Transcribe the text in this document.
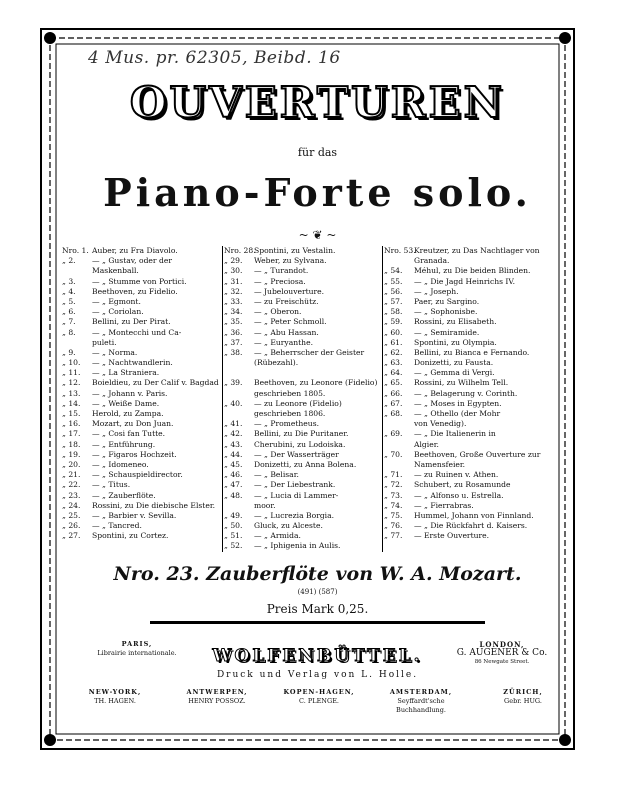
4 Mus. pr. 62305, Beibd. 16
OUVERTUREN
für das
Piano-Forte solo.
~ ❦ ~
Nro. 1. Auber, zu Fra Diavolo.
„ 2. — „ Gustav, oder der
Maskenball.
„ 3. — „ Stumme von Portici.
„ 4. Beethoven, zu Fidelio.
„ 5. — „ Egmont.
„ 6. — „ Coriolan.
„ 7. Bellini, zu Der Pirat.
„ 8. — „ Montecchi und Ca-
puleti.
„ 9. — „ Norma.
„ 10. — „ Nachtwandlerin.
„ 11. — „ La Straniera.
„ 12. Boieldieu, zu Der Calif v. Bagdad
„ 13. — „ Johann v. Paris.
„ 14. — „ Weiße Dame.
„ 15. Herold, zu Zampa.
„ 16. Mozart, zu Don Juan.
„ 17. — „ Cosi fan Tutte.
„ 18. — „ Entführung.
„ 19. — „ Figaros Hochzeit.
„ 20. — „ Idomeneo.
„ 21. — „ Schauspieldirector.
„ 22. — „ Titus.
„ 23. — „ Zauberflöte.
„ 24. Rossini, zu Die diebische Elster.
„ 25. — „ Barbier v. Sevilla.
„ 26. — „ Tancred.
„ 27. Spontini, zu Cortez.
Nro. 28.Spontini, zu Vestalin.
„ 29. Weber, zu Sylvana.
„ 30. — „ Turandot.
„ 31. — „ Preciosa.
„ 32. — Jubelouverture.
„ 33. — zu Freischütz.
„ 34. — „ Oberon.
„ 35. — „ Peter Schmoll.
„ 36. — „ Abu Hassan.
„ 37. — „ Euryanthe.
„ 38. — „ Beherrscher der Geister
(Rübezahl).
„ 39. Beethoven, zu Leonore (Fidelio)
geschrieben 1805.
„ 40. — zu Leonore (Fidelio)
geschrieben 1806.
„ 41. — „ Prometheus.
„ 42. Bellini, zu Die Puritaner.
„ 43. Cherubini, zu Lodoiska.
„ 44. — „ Der Wasserträger
„ 45. Donizetti, zu Anna Bolena.
„ 46. — „ Belisar.
„ 47. — „ Der Liebestrank.
„ 48. — „ Lucia di Lammer-
moor.
„ 49. — „ Lucrezia Borgia.
„ 50. Gluck, zu Alceste.
„ 51. — „ Armida.
„ 52. — „ Iphigenia in Aulis.
Nro. 53.Kreutzer, zu Das Nachtlager von
Granada.
„ 54. Méhul, zu Die beiden Blinden.
„ 55. — „ Die Jagd Heinrichs IV.
„ 56. — „ Joseph.
„ 57. Paer, zu Sargino.
„ 58. — „ Sophonisbe.
„ 59. Rossini, zu Elisabeth.
„ 60. — „ Semiramide.
„ 61. Spontini, zu Olympia.
„ 62. Bellini, zu Bianca e Fernando.
„ 63. Donizetti, zu Fausta.
„ 64. — „ Gemma di Vergi.
„ 65. Rossini, zu Wilhelm Tell.
„ 66. — „ Belagerung v. Corinth.
„ 67. — „ Moses in Egypten.
„ 68. — „ Othello (der Mohr
von Venedig).
„ 69. — „ Die Italienerin in
Algier.
„ 70. Beethoven, Große Ouverture zur
Namensfeier.
„ 71. — zu Ruinen v. Athen.
„ 72. Schubert, zu Rosamunde
„ 73. — „ Alfonso u. Estrella.
„ 74. — „ Fierrabras.
„ 75. Hummel, Johann von Finnland.
„ 76. — „ Die Rückfahrt d. Kaisers.
„ 77. — Erste Ouverture.
Nro. 23. Zauberflöte von W. A. Mozart.
(491) (587)
Preis Mark 0,25.
PARIS,
Librairie internationale.	WOLFENBÜTTEL.
Druck und Verlag von L. Holle.
LONDON,
G. AUGENER & Co.
86 Newgate Street.
NEW-YORK,
TH. HAGEN.
ANTWERPEN,
HENRY POSSOZ.
KOPEN-HAGEN,
C. PLENGE.
AMSTERDAM,
Seyffardt'sche Buchhandlung.
ZÜRICH,
Gebr. HUG.
